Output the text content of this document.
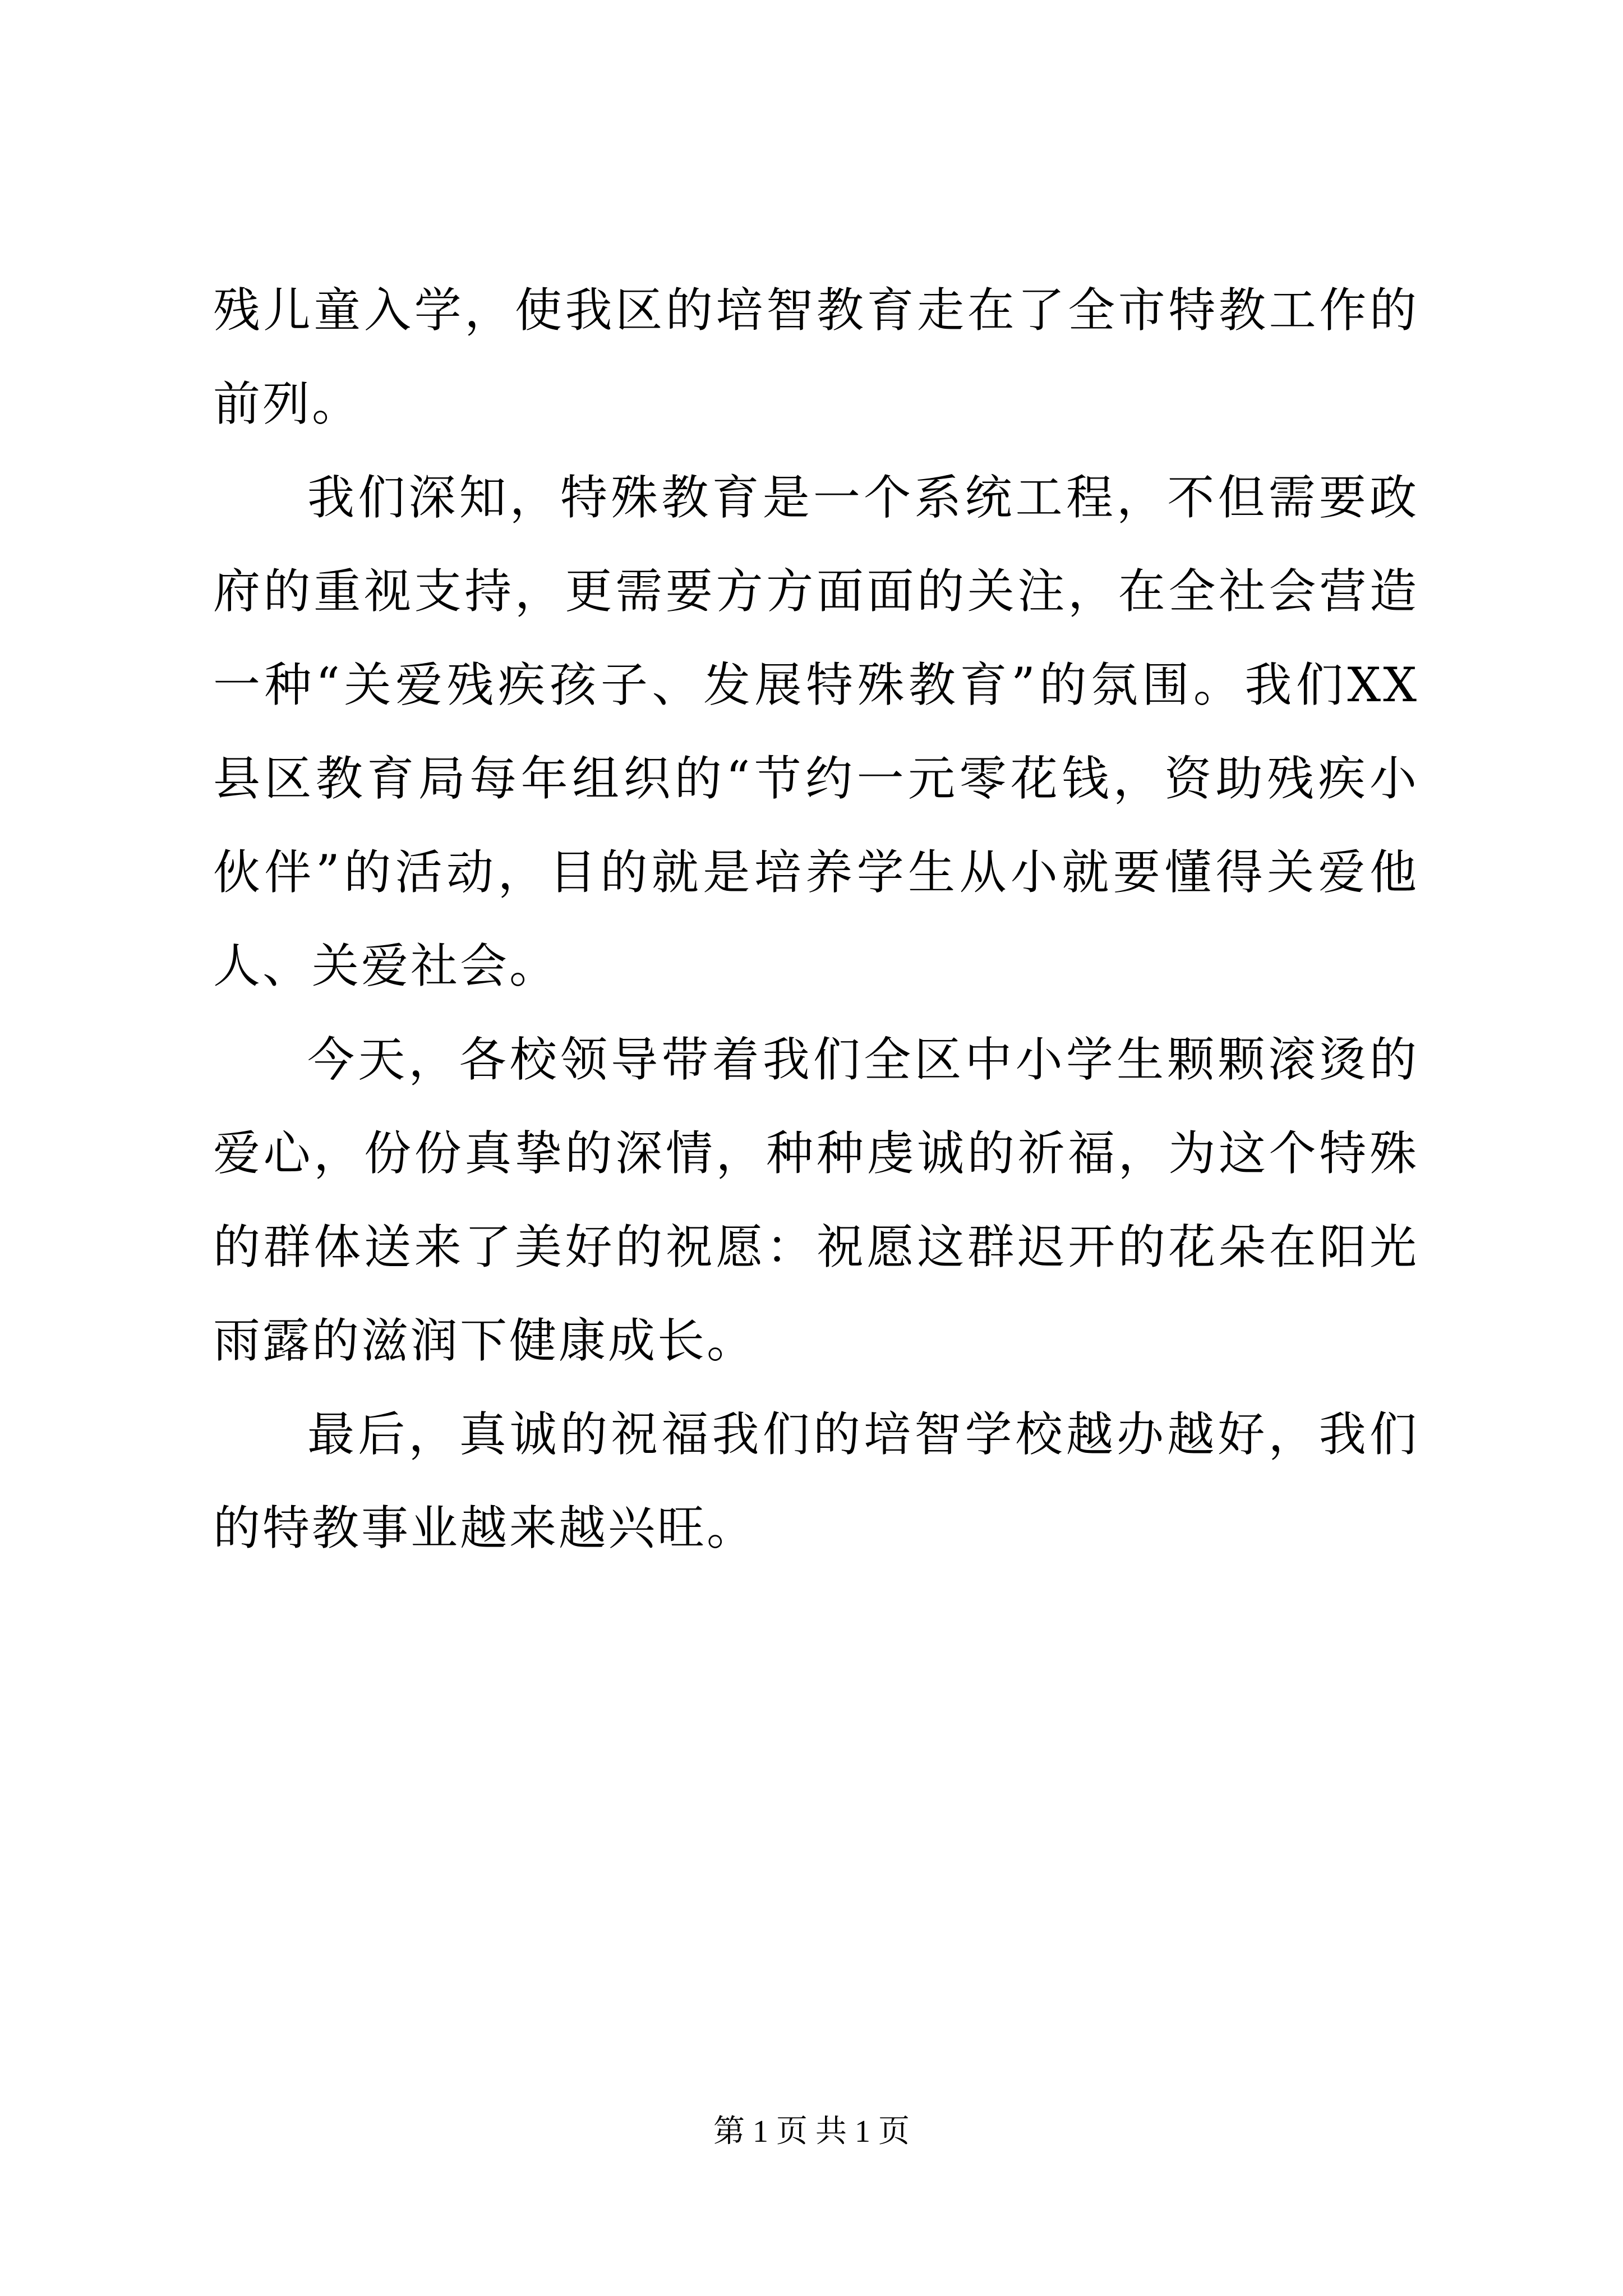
残儿童入学，使我区的培智教育走在了全市特教工作的前列。

我们深知，特殊教育是一个系统工程，不但需要政府的重视支持，更需要方方面面的关注，在全社会营造一种“关爱残疾孩子、发展特殊教育”的氛围。我们XX县区教育局每年组织的“节约一元零花钱，资助残疾小伙伴”的活动，目的就是培养学生从小就要懂得关爱他人、关爱社会。

今天，各校领导带着我们全区中小学生颗颗滚烫的爱心，份份真挚的深情，种种虔诚的祈福，为这个特殊的群体送来了美好的祝愿：祝愿这群迟开的花朵在阳光雨露的滋润下健康成长。

最后，真诚的祝福我们的培智学校越办越好，我们的特教事业越来越兴旺。

第 1 页 共 1 页
